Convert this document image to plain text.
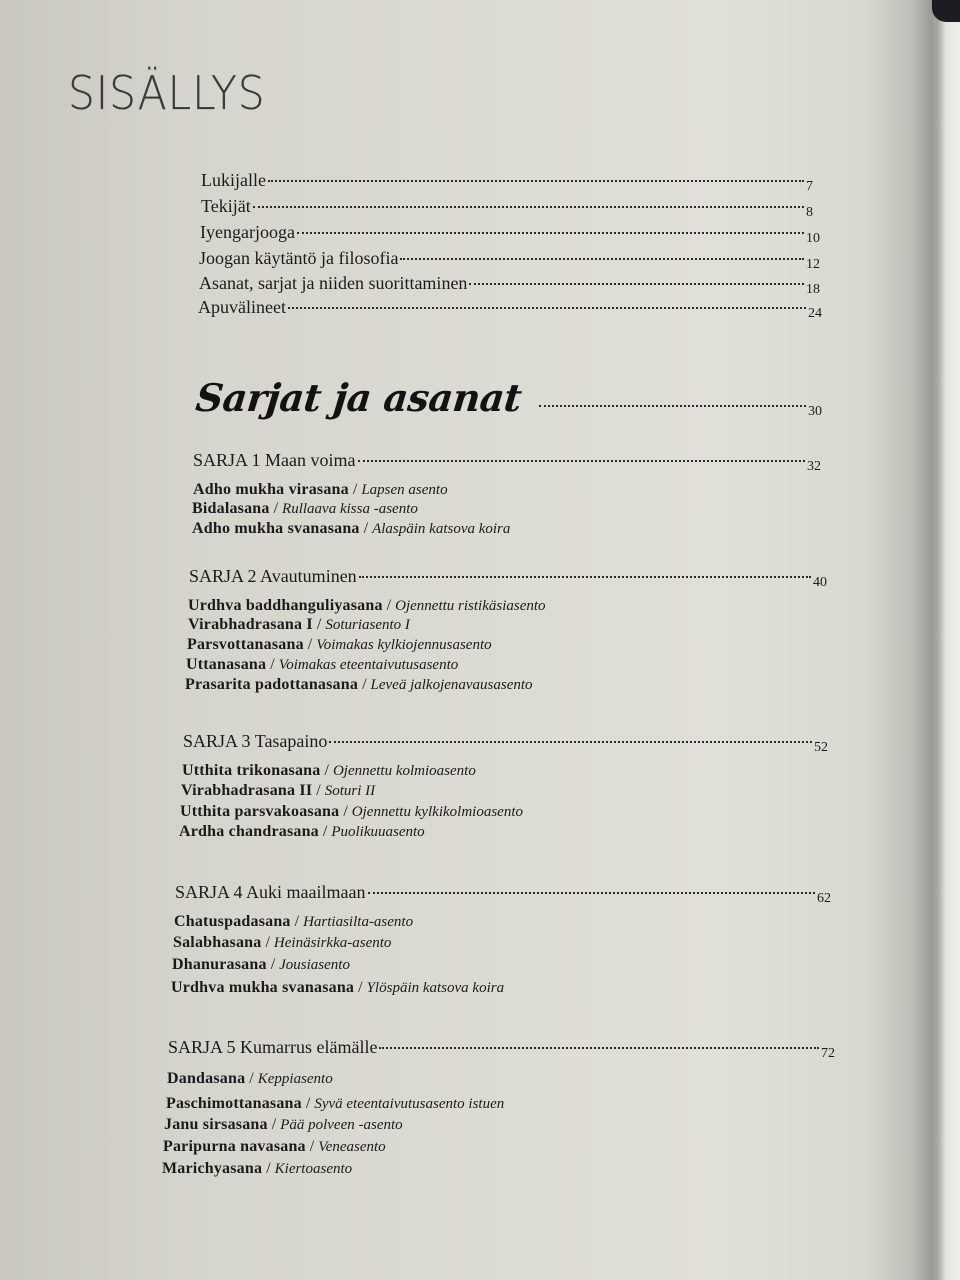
SISÄLLYS
Lukijalle	7
Tekijät	8
Iyengarjooga	10
Joogan käytäntö ja filosofia	12
Asanat, sarjat ja niiden suorittaminen	18
Apuvälineet	24
Sarjat ja asanat	30
SARJA 1 Maan voima	32
Adho mukha virasana / Lapsen asento
Bidalasana / Rullaava kissa -asento
Adho mukha svanasana / Alaspäin katsova koira
SARJA 2 Avautuminen	40
Urdhva baddhanguliyasana / Ojennettu ristikäsiasento
Virabhadrasana I / Soturiasento I
Parsvottanasana / Voimakas kylkiojennusasento
Uttanasana / Voimakas eteentaivutusasento
Prasarita padottanasana / Leveä jalkojenavausasento
SARJA 3 Tasapaino	52
Utthita trikonasana / Ojennettu kolmioasento
Virabhadrasana II / Soturi II
Utthita parsvakoasana / Ojennettu kylkikolmioasento
Ardha chandrasana / Puolikuuasento
SARJA 4 Auki maailmaan	62
Chatuspadasana / Hartiasilta-asento
Salabhasana / Heinäsirkka-asento
Dhanurasana / Jousiasento
Urdhva mukha svanasana / Ylöspäin katsova koira
SARJA 5 Kumarrus elämälle	72
Dandasana / Keppiasento
Paschimottanasana / Syvä eteentaivutusasento istuen
Janu sirsasana / Pää polveen -asento
Paripurna navasana / Veneasento
Marichyasana / Kiertoasento
